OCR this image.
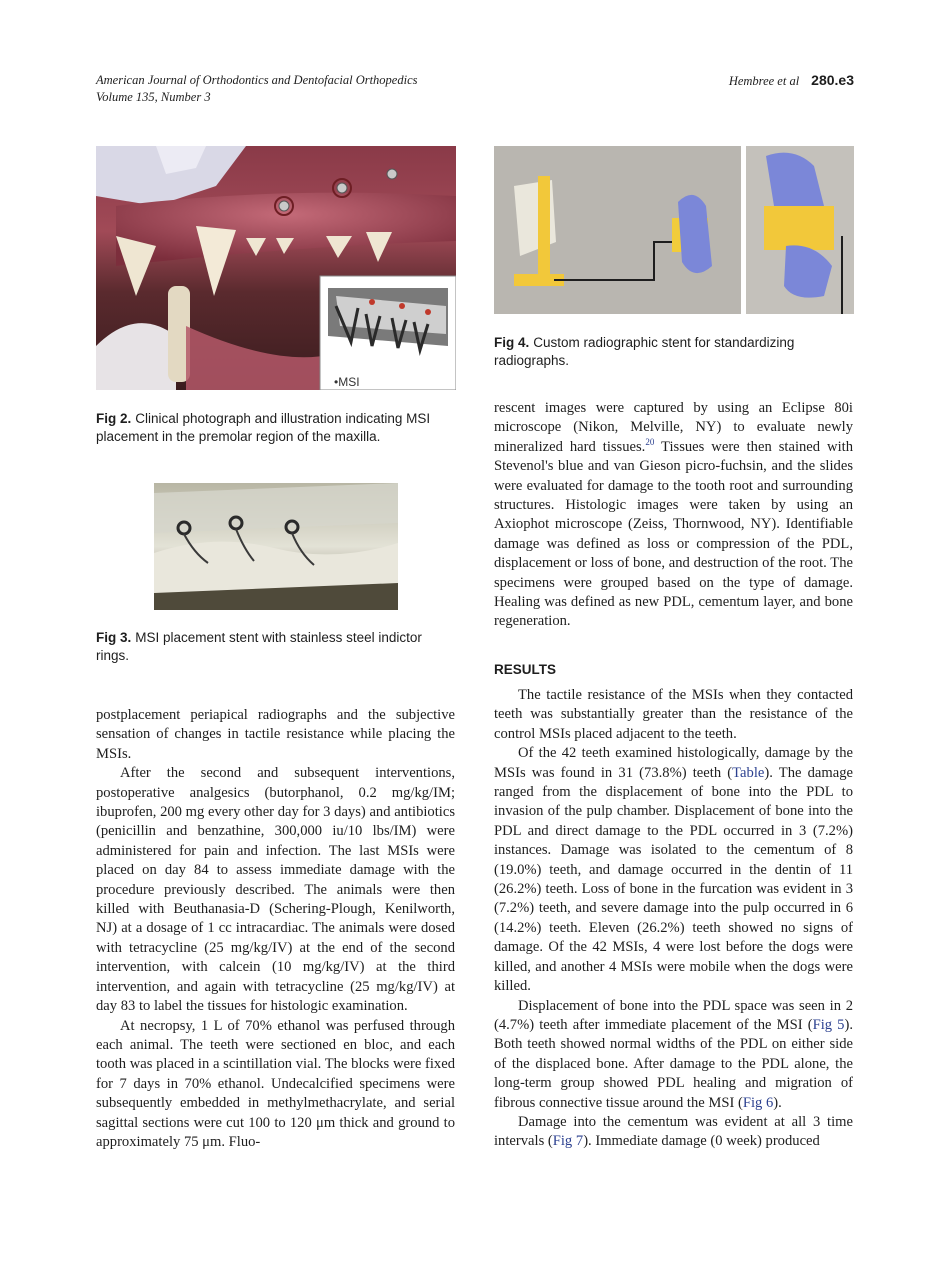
American Journal of Orthodontics and Dentofacial Orthopedics
Volume 135, Number 3
Hembree et al 280.e3
•MSI
Fig 2. Clinical photograph and illustration indicating MSI placement in the premolar region of the maxilla.
Fig 3. MSI placement stent with stainless steel indictor rings.
Fig 4. Custom radiographic stent for standardizing radiographs.

postplacement periapical radiographs and the subjective sensation of changes in tactile resistance while placing the MSIs.

After the second and subsequent interventions, postoperative analgesics (butorphanol, 0.2 mg/kg/IM; ibuprofen, 200 mg every other day for 3 days) and antibiotics (penicillin and benzathine, 300,000 iu/10 lbs/IM) were administered for pain and infection. The last MSIs were placed on day 84 to assess immediate damage with the procedure previously described. The animals were then killed with Beuthanasia-D (Schering-Plough, Kenilworth, NJ) at a dosage of 1 cc intracardiac. The animals were dosed with tetracycline (25 mg/kg/IV) at the end of the second intervention, with calcein (10 mg/kg/IV) at the third intervention, and again with tetracycline (25 mg/kg/IV) at day 83 to label the tissues for histologic examination.

At necropsy, 1 L of 70% ethanol was perfused through each animal. The teeth were sectioned en bloc, and each tooth was placed in a scintillation vial. The blocks were fixed for 7 days in 70% ethanol. Undecalcified specimens were subsequently embedded in methylmethacrylate, and serial sagittal sections were cut 100 to 120 μm thick and ground to approximately 75 μm. Fluo-

rescent images were captured by using an Eclipse 80i microscope (Nikon, Melville, NY) to evaluate newly mineralized hard tissues.$^{20}$ Tissues were then stained with Stevenol's blue and van Gieson picro-fuchsin, and the slides were evaluated for damage to the tooth root and surrounding structures. Histologic images were taken by using an Axiophot microscope (Zeiss, Thornwood, NY). Identifiable damage was defined as loss or compression of the PDL, displacement or loss of bone, and destruction of the root. The specimens were grouped based on the type of damage. Healing was defined as new PDL, cementum layer, and bone regeneration.

RESULTS

The tactile resistance of the MSIs when they contacted teeth was substantially greater than the resistance of the control MSIs placed adjacent to the teeth.

Of the 42 teeth examined histologically, damage by the MSIs was found in 31 (73.8%) teeth (Table). The damage ranged from the displacement of bone into the PDL to invasion of the pulp chamber. Displacement of bone into the PDL and direct damage to the PDL occurred in 3 (7.2%) instances. Damage was isolated to the cementum of 8 (19.0%) teeth, and damage occurred in the dentin of 11 (26.2%) teeth. Loss of bone in the furcation was evident in 3 (7.2%) teeth, and severe damage into the pulp occurred in 6 (14.2%) teeth. Eleven (26.2%) teeth showed no signs of damage. Of the 42 MSIs, 4 were lost before the dogs were killed, and another 4 MSIs were mobile when the dogs were killed.

Displacement of bone into the PDL space was seen in 2 (4.7%) teeth after immediate placement of the MSI (Fig 5). Both teeth showed normal widths of the PDL on either side of the displaced bone. After damage to the PDL alone, the long-term group showed PDL healing and migration of fibrous connective tissue around the MSI (Fig 6).

Damage into the cementum was evident at all 3 time intervals (Fig 7). Immediate damage (0 week) produced
